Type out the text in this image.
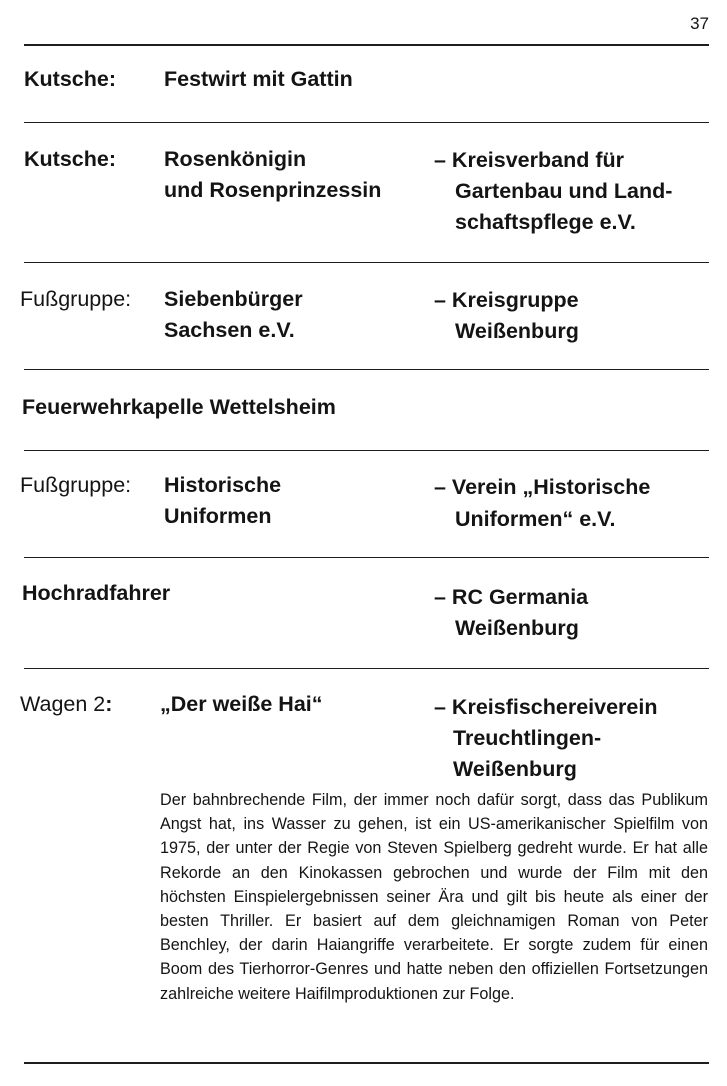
37
Kutsche: Festwirt mit Gattin
Kutsche: Rosenkönigin
und Rosenprinzessin
– Kreisverband für
Gartenbau und Land-
schaftspflege e.V.
Fußgruppe: Siebenbürger
Sachsen e.V.
– Kreisgruppe
Weißenburg
Feuerwehrkapelle Wettelsheim
Fußgruppe: Historische
Uniformen
– Verein „Historische
Uniformen“ e.V.
Hochradfahrer	– RC Germania
Weißenburg
Wagen 2: „Der weiße Hai“	– Kreisfischereiverein
Treuchtlingen-
Weißenburg

Der bahnbrechende Film, der immer noch dafür sorgt, dass das Publikum Angst hat, ins Wasser zu gehen, ist ein US-amerikanischer Spielfilm von 1975, der unter der Regie von Steven Spielberg gedreht wurde. Er hat alle Rekorde an den Kinokassen gebrochen und wurde der Film mit den höchsten Einspielergebnissen seiner Ära und gilt bis heute als einer der besten Thriller. Er basiert auf dem gleichnamigen Roman von Peter Benchley, der darin Haiangriffe verarbeitete. Er sorgte zudem für einen Boom des Tierhorror-Genres und hatte neben den offiziellen Fortsetzungen zahlreiche weitere Haifilmproduktionen zur Folge.
